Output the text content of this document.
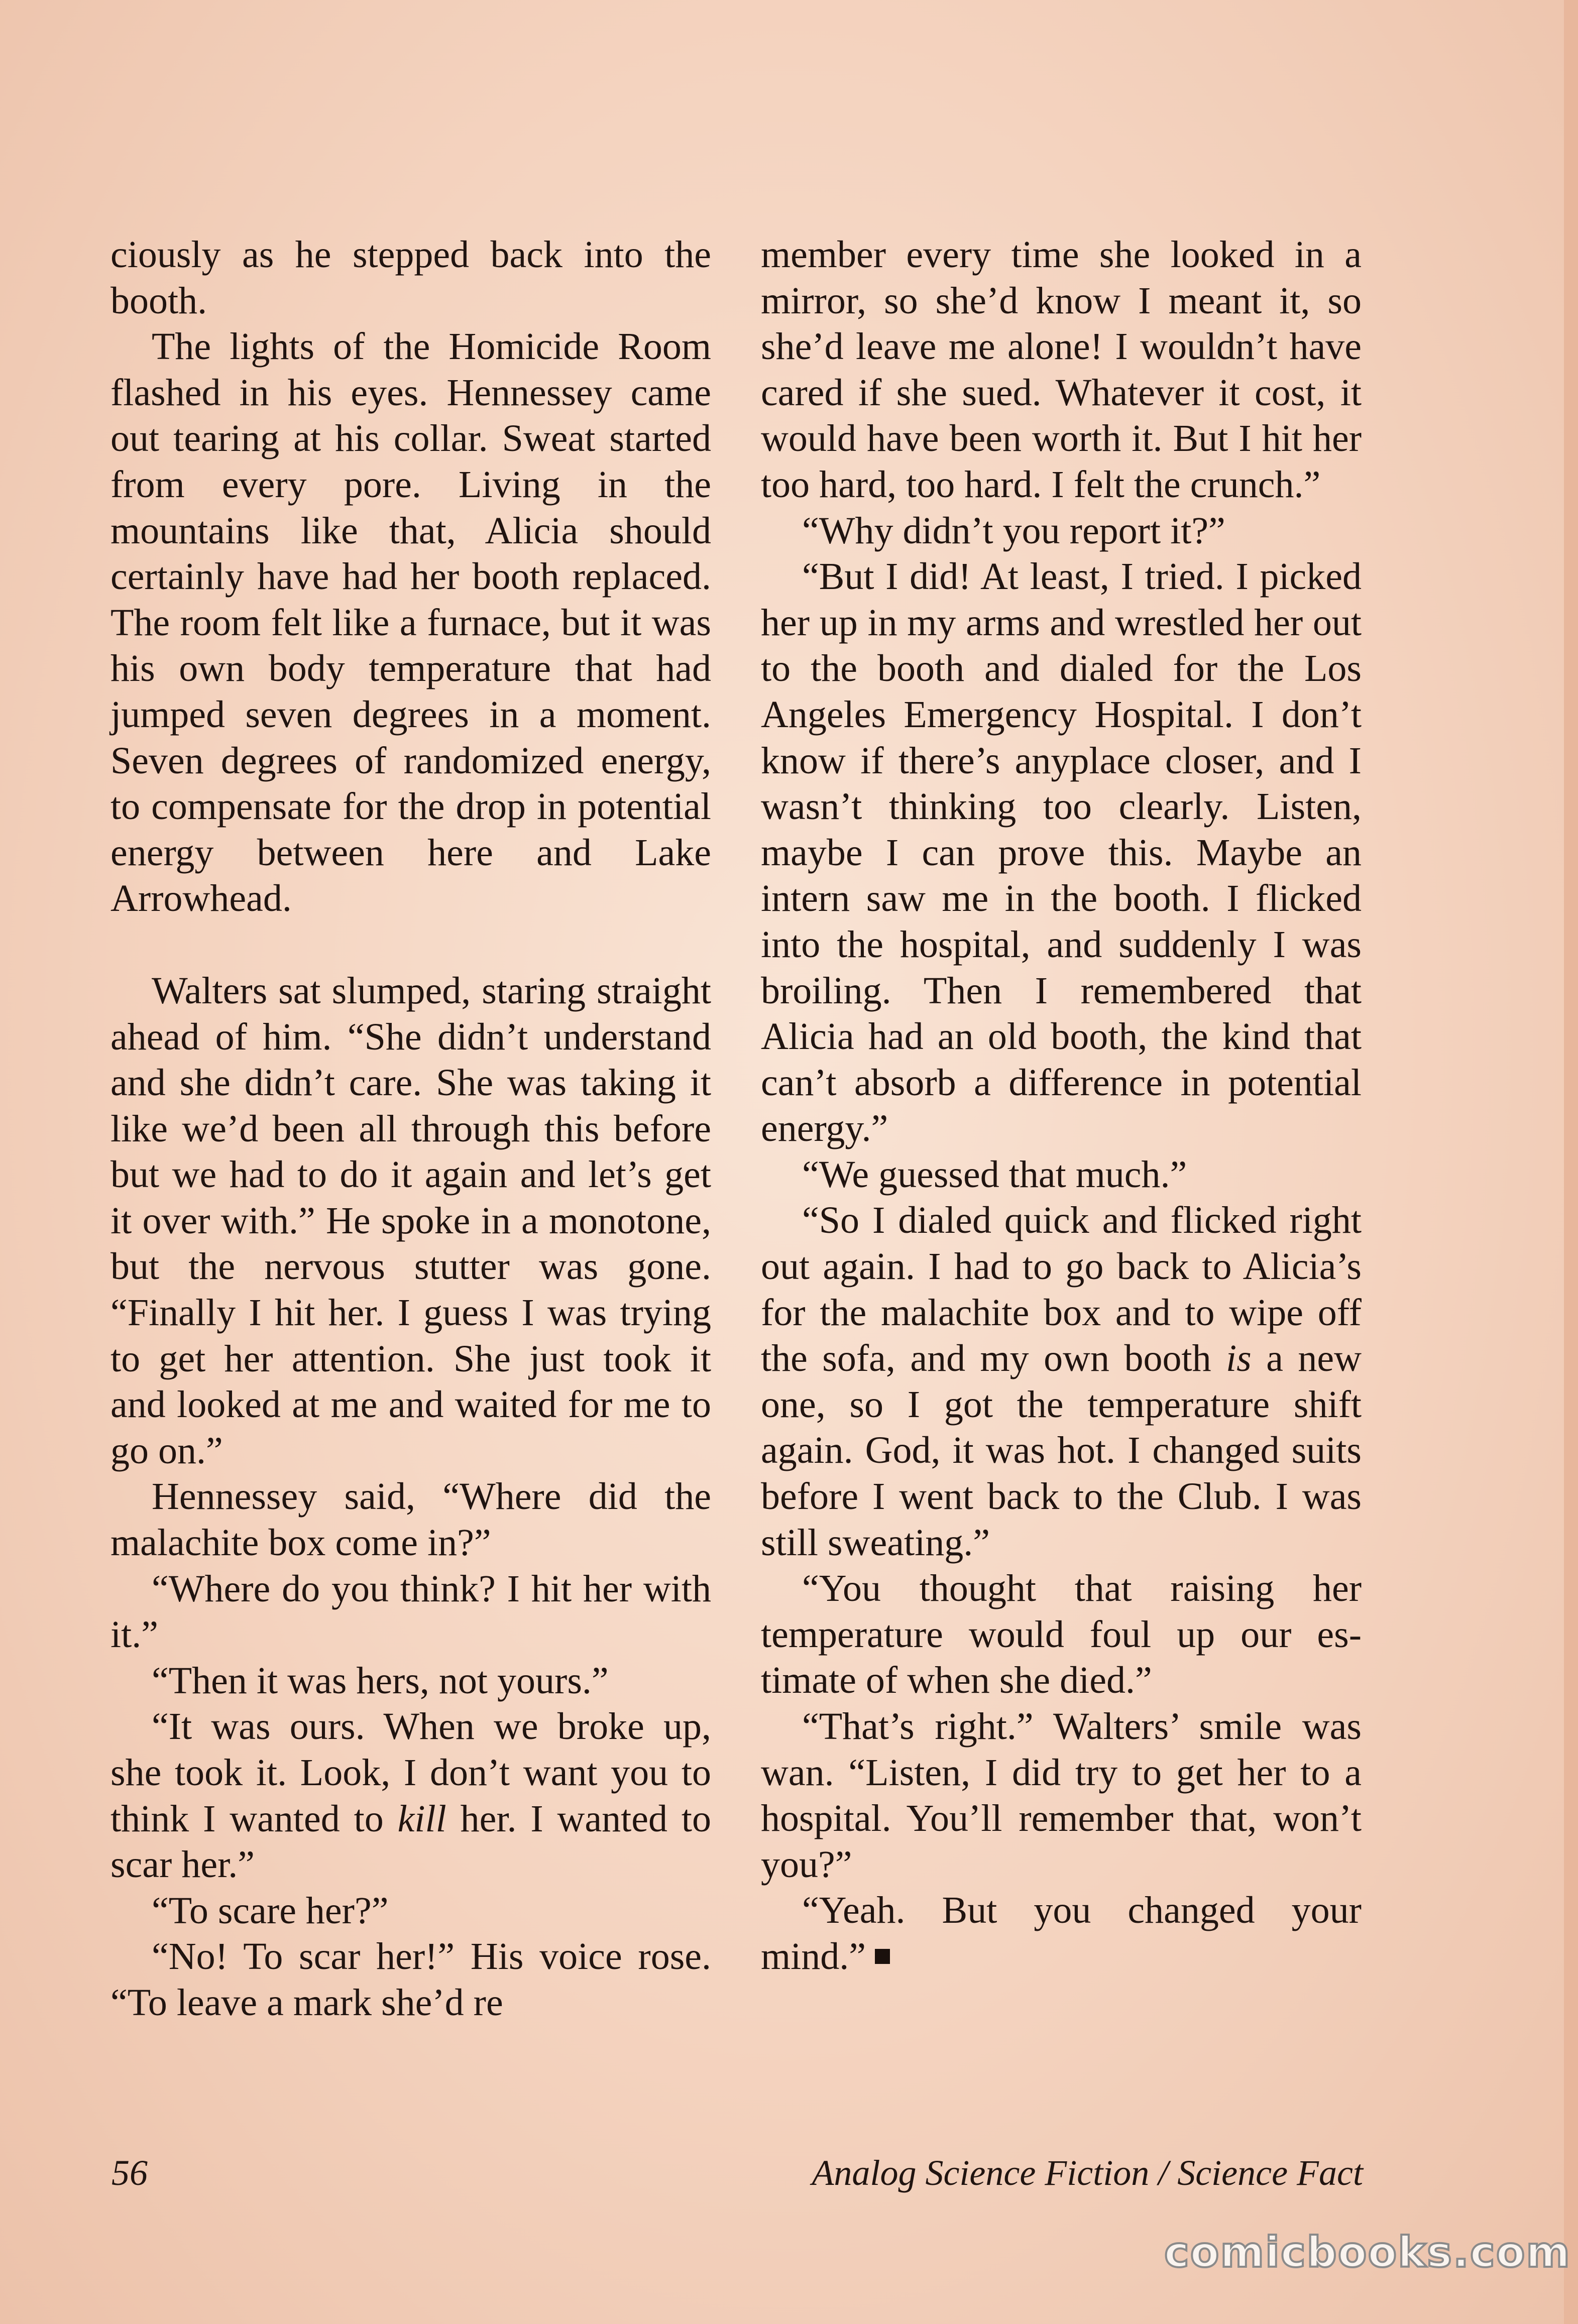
ciously as he stepped back into the booth.

The lights of the Homicide Room flashed in his eyes. Hennessey came out tearing at his collar. Sweat started from every pore. Living in the mountains like that, Alicia should certainly have had her booth replaced. The room felt like a furnace, but it was his own body temperature that had jumped seven degrees in a moment. Seven degrees of randomized energy, to compensate for the drop in potential energy between here and Lake Arrowhead.

Walters sat slumped, staring straight ahead of him. “She didn’t understand and she didn’t care. She was taking it like we’d been all through this before but we had to do it again and let’s get it over with.” He spoke in a monotone, but the nervous stutter was gone. “Finally I hit her. I guess I was trying to get her attention. She just took it and looked at me and waited for me to go on.”

Hennessey said, “Where did the malachite box come in?”

“Where do you think? I hit her with it.”

“Then it was hers, not yours.”

“It was ours. When we broke up, she took it. Look, I don’t want you to think I wanted to kill her. I wanted to scar her.”

“To scare her?”

“No! To scar her!” His voice rose. “To leave a mark she’d re

member every time she looked in a mirror, so she’d know I meant it, so she’d leave me alone! I wouldn’t have cared if she sued. Whatever it cost, it would have been worth it. But I hit her too hard, too hard. I felt the crunch.”

“Why didn’t you report it?”

“But I did! At least, I tried. I picked her up in my arms and wrestled her out to the booth and dialed for the Los Angeles Emergency Hospital. I don’t know if there’s anyplace closer, and I wasn’t thinking too clearly. Listen, maybe I can prove this. Maybe an intern saw me in the booth. I flicked into the hospital, and suddenly I was broiling. Then I remembered that Alicia had an old booth, the kind that can’t absorb a difference in potential energy.”

“We guessed that much.”

“So I dialed quick and flicked right out again. I had to go back to Alicia’s for the malachite box and to wipe off the sofa, and my own booth is a new one, so I got the temperature shift again. God, it was hot. I changed suits before I went back to the Club. I was still sweating.”

“You thought that raising her temperature would foul up our estimate of when she died.”

“That’s right.” Walters’ smile was wan. “Listen, I did try to get her to a hospital. You’ll remember that, won’t you?”

“Yeah. But you changed your mind.”

56	Analog Science Fiction / Science Fact
comicbooks.com
